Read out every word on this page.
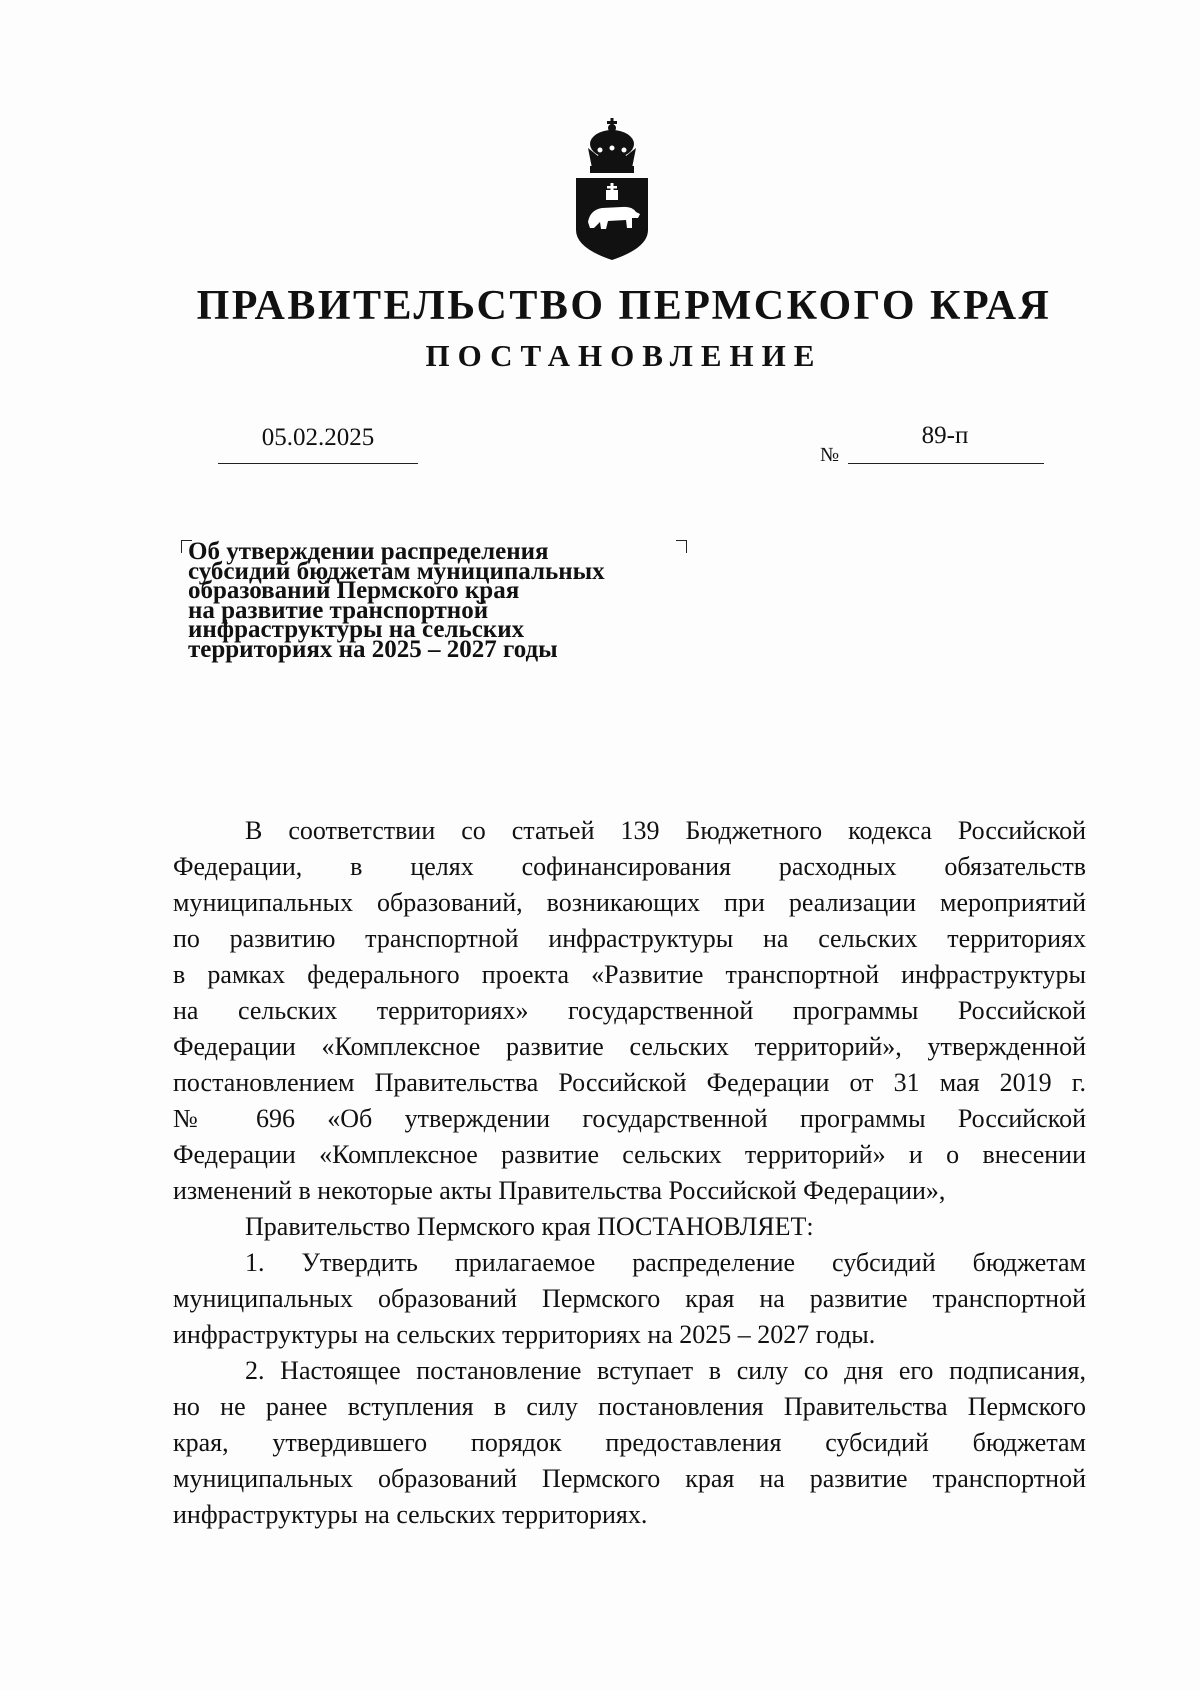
ПРАВИТЕЛЬСТВО ПЕРМСКОГО КРАЯ
ПОСТАНОВЛЕНИЕ
05.02.2025
№
89-п
Об утверждении распределения
субсидий бюджетам муниципальных
образований Пермского края
на развитие транспортной
инфраструктуры на сельских
территориях на 2025 – 2027 годы
В соответствии со статьей 139 Бюджетного кодекса Российской
Федерации, в целях софинансирования расходных обязательств
муниципальных образований, возникающих при реализации мероприятий
по развитию транспортной инфраструктуры на сельских территориях
в рамках федерального проекта «Развитие транспортной инфраструктуры
на сельских территориях» государственной программы Российской
Федерации «Комплексное развитие сельских территорий», утвержденной
постановлением Правительства Российской Федерации от 31 мая 2019 г.
№ 696 «Об утверждении государственной программы Российской
Федерации «Комплексное развитие сельских территорий» и о внесении
изменений в некоторые акты Правительства Российской Федерации»,
Правительство Пермского края ПОСТАНОВЛЯЕТ:
1. Утвердить прилагаемое распределение субсидий бюджетам
муниципальных образований Пермского края на развитие транспортной
инфраструктуры на сельских территориях на 2025 – 2027 годы.
2. Настоящее постановление вступает в силу со дня его подписания,
но не ранее вступления в силу постановления Правительства Пермского
края, утвердившего порядок предоставления субсидий бюджетам
муниципальных образований Пермского края на развитие транспортной
инфраструктуры на сельских территориях.
